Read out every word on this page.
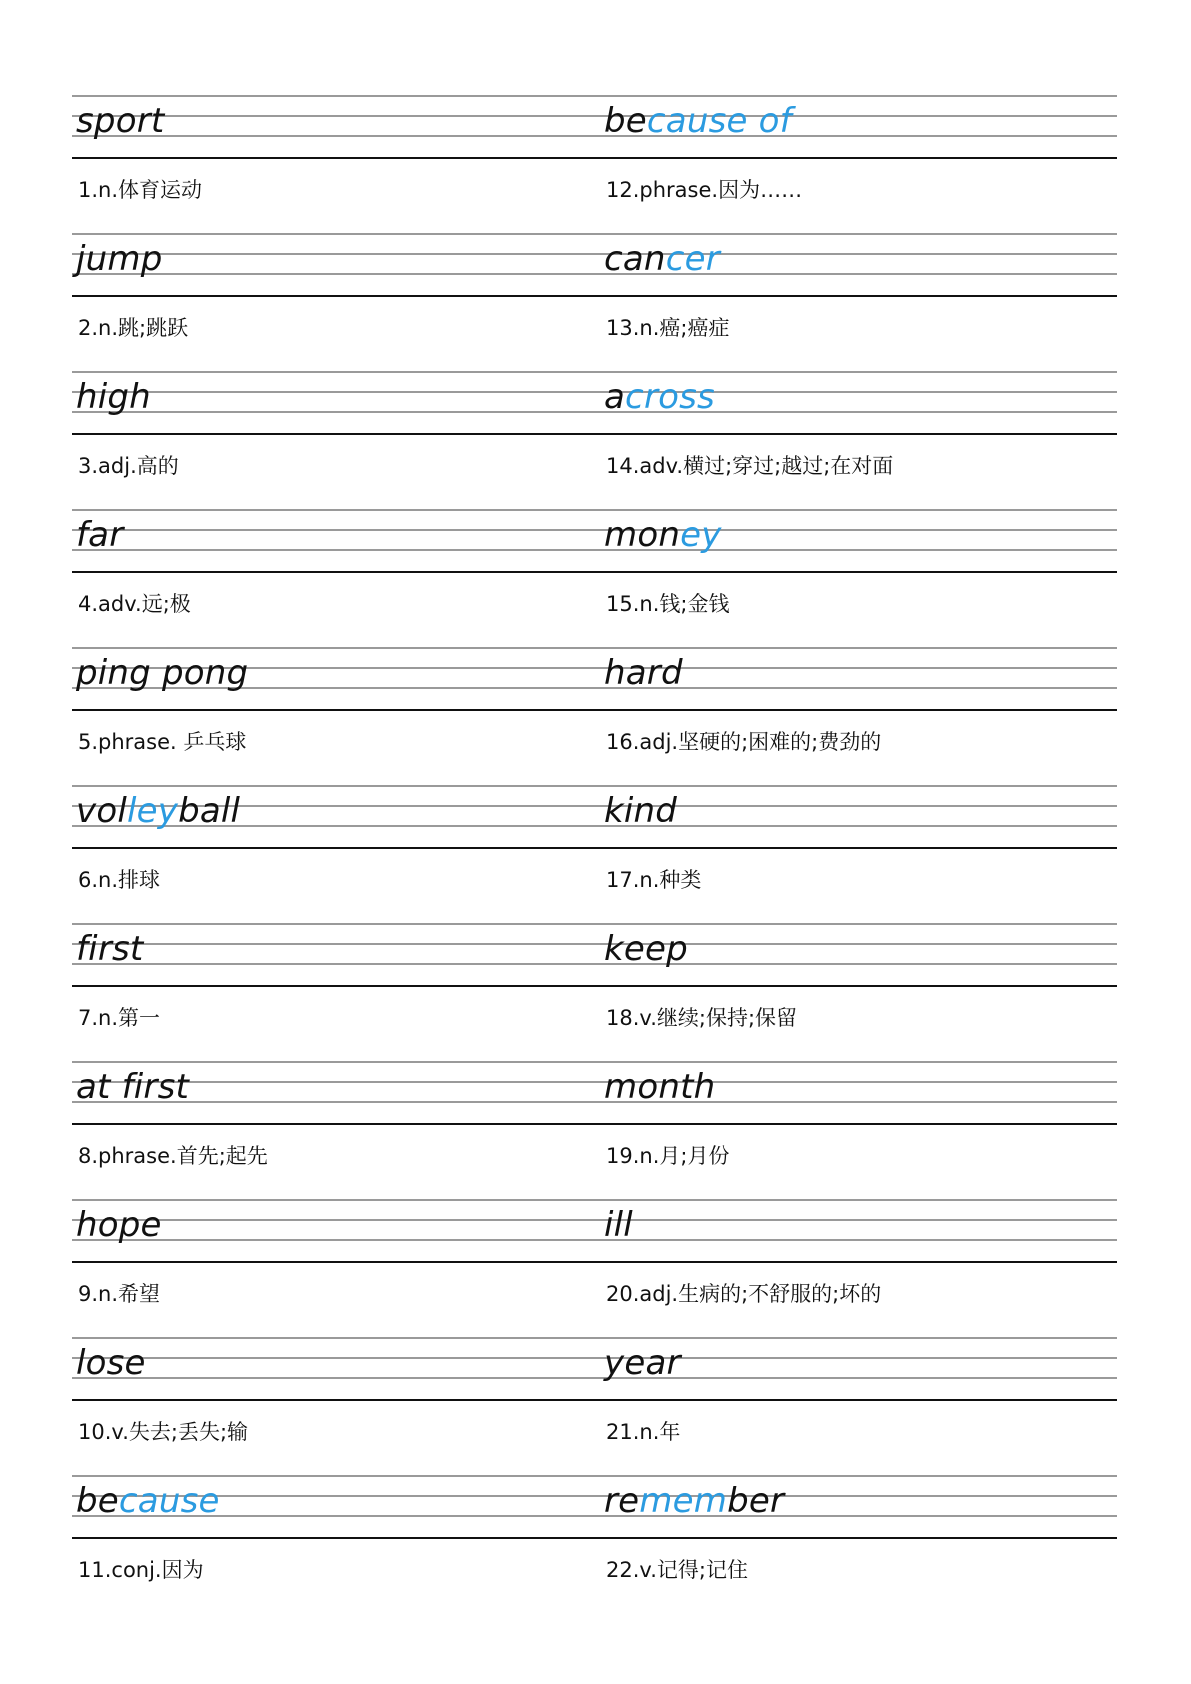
sport
1.n.体育运动
because of
12.phrase.因为……
jump
2.n.跳;跳跃
cancer
13.n.癌;癌症
high
3.adj.高的
across
14.adv.横过;穿过;越过;在对面
far
4.adv.远;极
money
15.n.钱;金钱
ping pong
5.phrase. 乒乓球
hard
16.adj.坚硬的;困难的;费劲的
volleyball
6.n.排球
kind
17.n.种类
first
7.n.第一
keep
18.v.继续;保持;保留
at first
8.phrase.首先;起先
month
19.n.月;月份
hope
9.n.希望
ill
20.adj.生病的;不舒服的;坏的
lose
10.v.失去;丢失;输
year
21.n.年
because
11.conj.因为
remember
22.v.记得;记住
